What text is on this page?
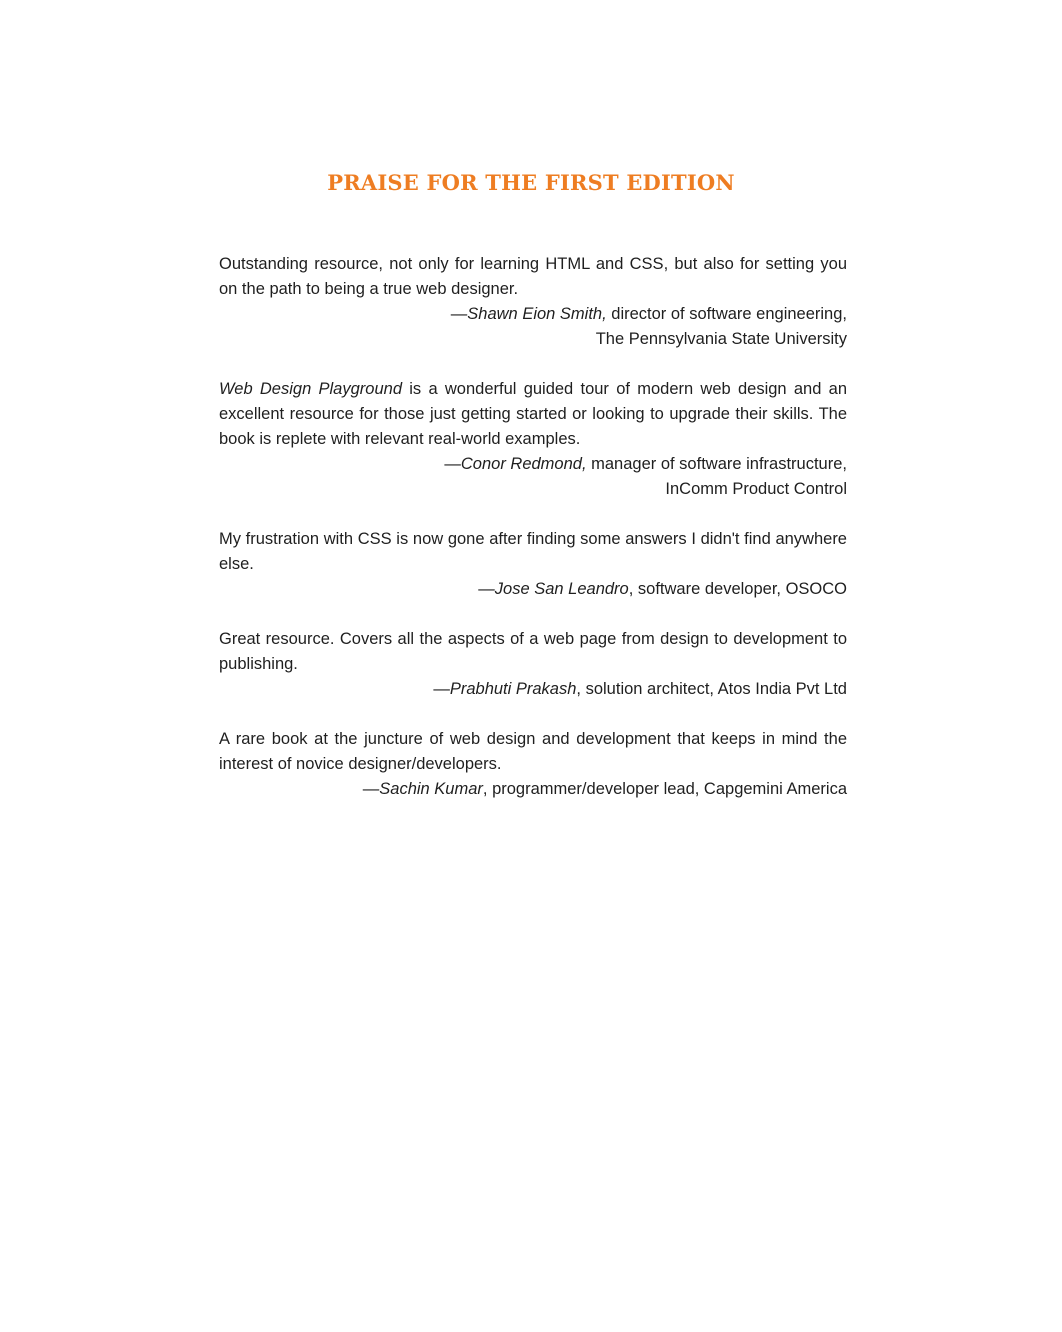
PRAISE FOR THE FIRST EDITION

Outstanding resource, not only for learning HTML and CSS, but also for setting you on the path to being a true web designer.

—Shawn Eion Smith, director of software engineering,
The Pennsylvania State University

Web Design Playground is a wonderful guided tour of modern web design and an excellent resource for those just getting started or looking to upgrade their skills. The book is replete with relevant real-world examples.

—Conor Redmond, manager of software infrastructure,
InComm Product Control

My frustration with CSS is now gone after finding some answers I didn't find anywhere else.

—Jose San Leandro, software developer, OSOCO

Great resource. Covers all the aspects of a web page from design to development to publishing.

—Prabhuti Prakash, solution architect, Atos India Pvt Ltd

A rare book at the juncture of web design and development that keeps in mind the interest of novice designer/developers.

—Sachin Kumar, programmer/developer lead, Capgemini America
